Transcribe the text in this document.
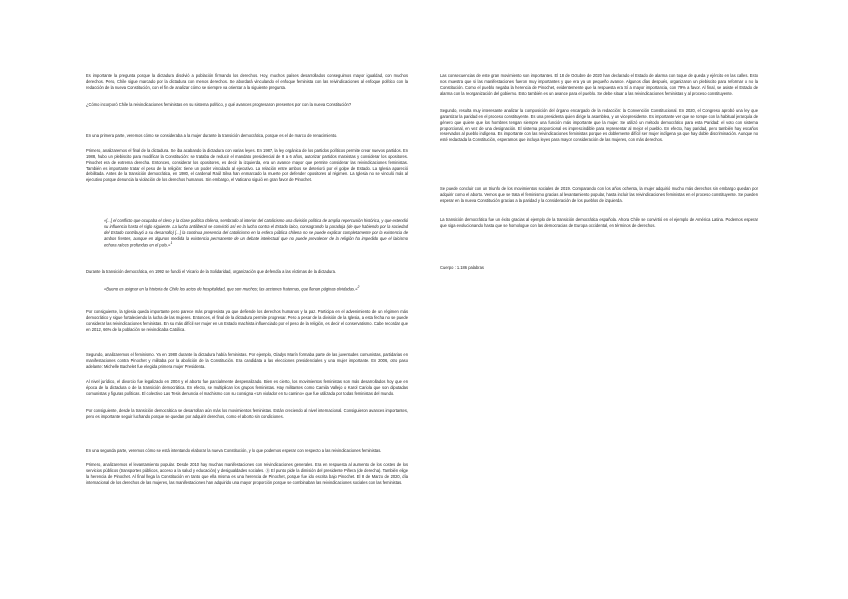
Es importante la pregunta porque la dictadura disolvió a población firmando los derechos. Hoy, muchos países desarrollados conseguimos mayor igualdad, con muchos derechos. Pero, Chile sigue marcado por la dictadura con menos derechos. Se abordará vinculando el enfoque feminista con las reivindicaciones al enfoque político con la redacción de la nueva Constitución, con el fin de analizar cómo se siempre va orientar a la siguiente pregunta.

¿Cómo incorporó Chile la reivindicaciones feministas en su sistema político, y qué avances progresaron presentes por con la nueva Constitución?

En una primera parte, veremos cómo se consideraba a la mujer durante la transición democrática, porque es el de marco de renacimiento.

Primero, analizaremos el final de la dictadura. Se iba acabando la dictadura con varias leyes. En 1987, la ley orgánica de los partidos políticos permite crear nuevos partidos. En 1988, hubo un plebiscito para modificar la Constitución: se trataba de reducir el mandato presidencial de 8 a 6 años, autorizar partidos marxistas y considerar los opositores. Pinochet era de extrema derecha. Entonces, considerar los opositores, es decir la izquierda, era un avance mayor que permite considerar las reivindicaciones feministas. También es importante tratar el peso de la religión: tiene un poder vinculado al ejecutivo. La relación entre ambos se deterioró por el golpe de Estado. La Iglesia apareció debilitada. Antes de la transición democrática, en 1980, el cardenal Raúl Silva han enmarcado la muerte por defender opositores al régimen. La Iglesia no se vinculó más al ejecutivo porque denuncia la violación de los derechos humanos. Sin embargo, el Vaticano siguió en gran favor de Pinochet.

«[...] el conflicto que ocupaba el clero y la clase política chilena, sembrado al interior del catolicismo una división política de amplia repercusión histórica, y que extendió su influencia hasta el siglo siguiente. La lucha antiliberal se convirtió así en la lucha contra el Estado laico, consagrando la paradoja (de que habiendo por la sociedad del Estado contribuyó a su desarrollo) [...] la continua presencia del catolicismo en la esfera pública chilena no se puede explicar completamente por la existencia de ambos frentes, aunque en algunos medida la existencia permanente de un debate intelectual que no puede prevalecer de la religión ha impedido que el laicismo echara raíces profundas en el país.»$^1$

Durante la transición democrática, en 1992 se fundó el Vicario de la Solidaridad, organización que defendía a las víctimas de la dictadura.

«Bueno es asignar en la historia de Chile los actos de hospitalidad, que son muchos; las acciones fraternas, que llenan páginas olvidadas.»$^2$

Por consiguiente, la Iglesia queda importante pero parece más progresista ya que defiende los derechos humanos y la paz. Participa en el advenimiento de un régimen más democrático y sigue fortaleciendo la lucha de las mujeres. Entonces, el final de la dictadura permite progresar. Pero a pesar de la división de la Iglesia, a esta fecha no se puede considerar las reivindicaciones feministas. En su más difícil ser mujer en un Estado machista influenciado por el peso de la religión, es decir el conservatismo. Cabe recordar que en 2012, 66% de la población se reivindicaba Católica.

Segundo, analizaremos el feminismo. Ya en 1980 durante la dictadura había feministas. Por ejemplo, Gladys Marín formaba parte de las juventudes comunistas, partidarias en manifestaciones contra Pinochet y militaba por la abolición de la Constitución. Era candidata a las elecciones presidenciales y una mujer importante. En 2006, otro paso adelante: Michelle Bachelet fue elegida primera mujer Presidenta.

Al nivel jurídico, el divorcio fue legalizado en 2004 y el aborto fue parcialmente despenalizado. Bien es cierto, los movimientos feministas son más desarrollados hoy que en época de la dictadura o de la transición democrática. En efecto, se multiplican los grupos feministas. Hay militantes como Camila Vallejo o Karol Cariola que son diputadas comunistas y figuras políticas. El colectivo Las Tesis denuncia el machismo con su consigna «Un violador en tu camino» que fue utilizada por todas feministas del mundo.

Por consiguiente, desde la transición democrática se desarrollan aún más los movimientos feministas. Están creciendo al nivel internacional. Consiguieron avances importantes, pero es importante seguir luchando porque se quedan por adquirir derechos, como el aborto sin condiciones.

En una segunda parte, veremos cómo se está intentando elaborar la nueva Constitución, y lo que podemos esperar con respecto a las reivindicaciones feministas.

Primero, analizaremos el levantamiento popular. Desde 2010 hay muchas manifestaciones con reivindicaciones generales. Era en respuesta al aumento de los costes de los servicios públicos (transportes públicos, acceso a la salud y educación) y desigualdades sociales. Ⓡ El punto pide la dimisión del presidente Piñera (de derecha). También elige la herencia de Pinochet. Al final llega la Constitución en tanto que ella misma es una herencia de Pinochet, porque fue ido escrita bajo Pinochet. El 8 de Marzo de 2020, día internacional de los derechos de las mujeres, las manifestaciones han adquirido una mayor proporción porque se combinaban las reivindicaciones sociales con las feministas.

Las consecuencias de este gran movimiento son importantes. El 18 de Octubre de 2020 han declarado el Estado de alarma con toque de queda y ejército en las calles. Esto nos muestra que si las manifestaciones fueron muy importantes y que era ya un pequeño avance. Algunos días después, organizaron un plebiscito para reformar o no la Constitución. Como el pueblo negaba la herencia de Pinochet, evidentemente que la respuesta era Sí a mayor importancia, con 79% a favor. Al final, se asiste el Estado de alarma con la reorganización del gobierno. Esto también es un avance para el pueblo. Se debe situar a las reivindicaciones feministas y al proceso constituyente.

Segundo, resulta muy interesante analizar la composición del órgano encargado de la redacción: la Convención Constitucional. En 2020, el Congreso aprobó una ley que garantizar la paridad en el proceso constituyente. Es una presidenta quien dirige la asamblea, y un vicepresidente. Es importante ver que se rompe con la habitual jerarquía de género que quiere que los hombres tengan siempre una función más importante que la mujer. Se utilizó un método democrático para esta Paridad: el voto con sistema proporcional, en vez de una designación. El sistema proporcional es imprescindible para representar al mejor el pueblo. En efecto, hay paridad, pero también hay escaños reservados al pueblo indígena. Es importante con las reivindicaciones feministas porque es doblemente difícil ser mujer indígena ya que hay doble discriminación. Aunque no esté redactada la Constitución, esperamos que incluya leyes para mayor consideración de las mujeres, con más derechos.

Se puede concluir con un triunfo de los movimientos sociales de 2019. Comparando con los años ochenta, la mujer adquirió mucho más derechos sin embargo quedan por adquirir como el aborto. Vemos que se trata el feminismo gracias al levantamiento popular, hasta incluir las reivindicaciones feministas en el proceso constituyente. Se pueden esperar en la nueva Constitución gracias a la paridad y la consideración de los pueblos de izquierda.

La transición democrática fue un éxito gracias al ejemplo de la transición democrática española. Ahora Chile se convirtió en el ejemplo de América Latina. Podemos esperar que siga evolucionando hasta que se homologue con las democracias de Europa occidental, en términos de derechos.

Cuerpo : 1.186 palabras
